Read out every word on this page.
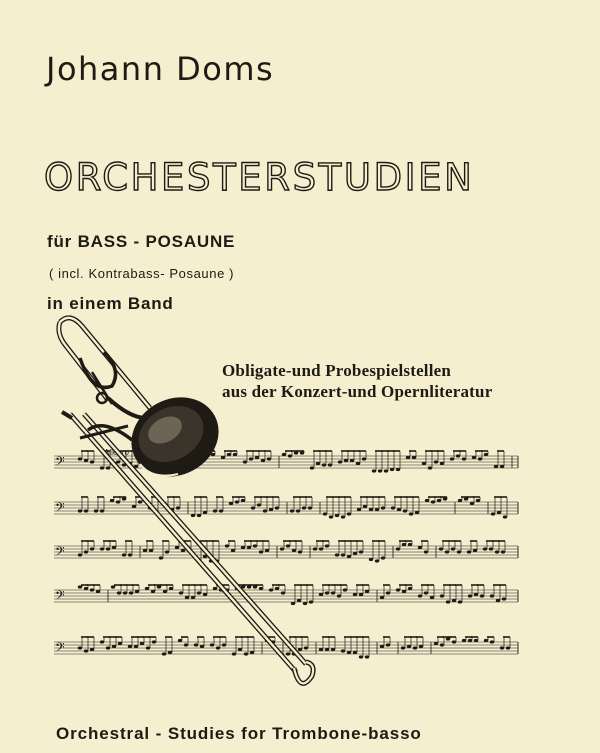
Johann Doms
ORCHESTERSTUDIEN
für BASS - POSAUNE
( incl. Kontrabass- Posaune )
in einem Band
Obligate-und Probespielstellen
aus der Konzert-und Opernliteratur
𝄢
𝄢
𝄢
𝄢
𝄢
Allegro
Orchestral - Studies for Trombone-basso
